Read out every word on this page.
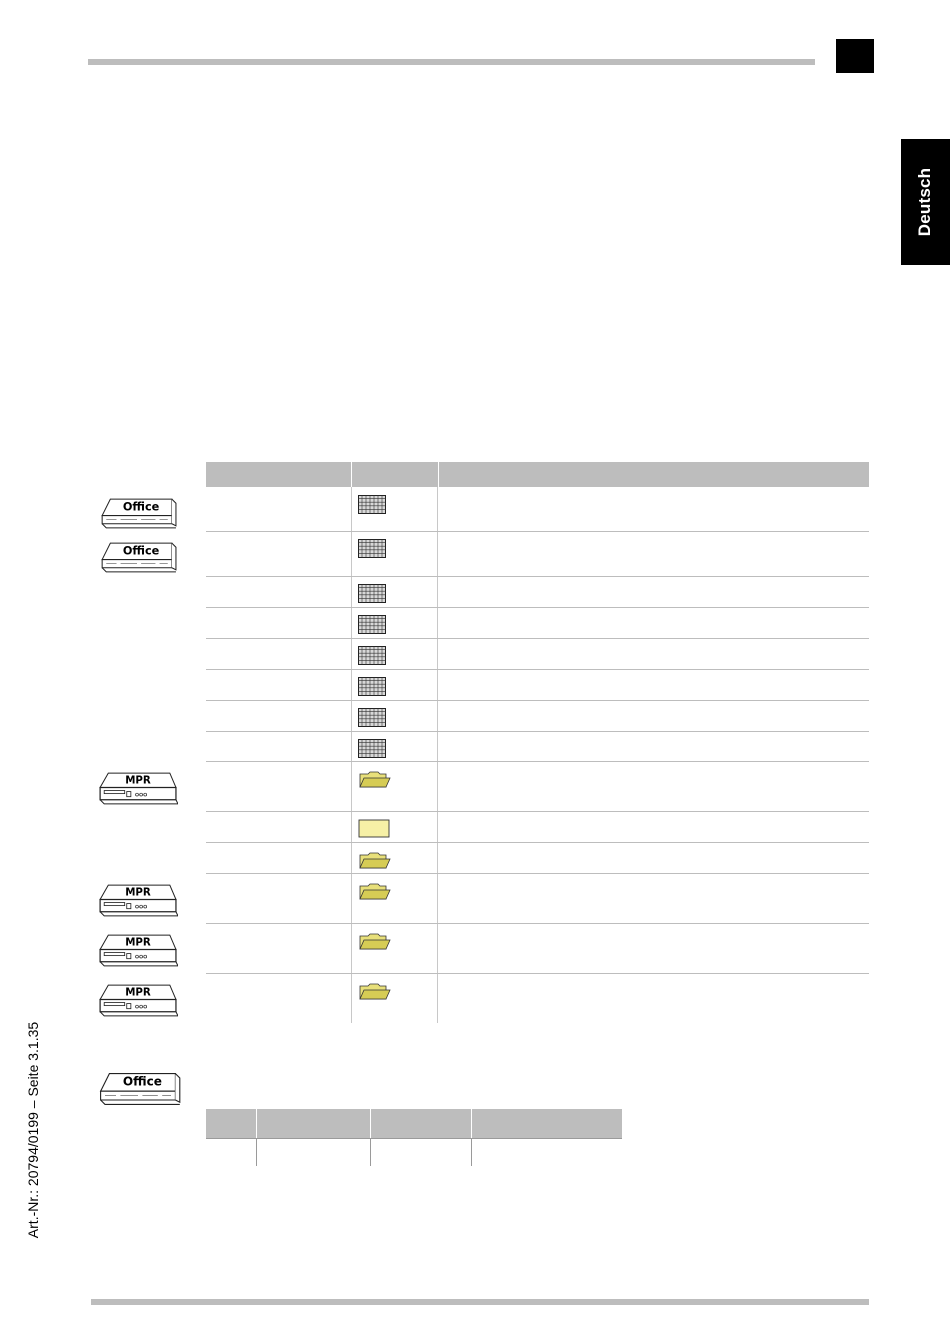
Deutsch
Art.-Nr.: 20794/0199 – Seite 3.1.35	Office
Office
Office
MPR
MPR
MPR
MPR
